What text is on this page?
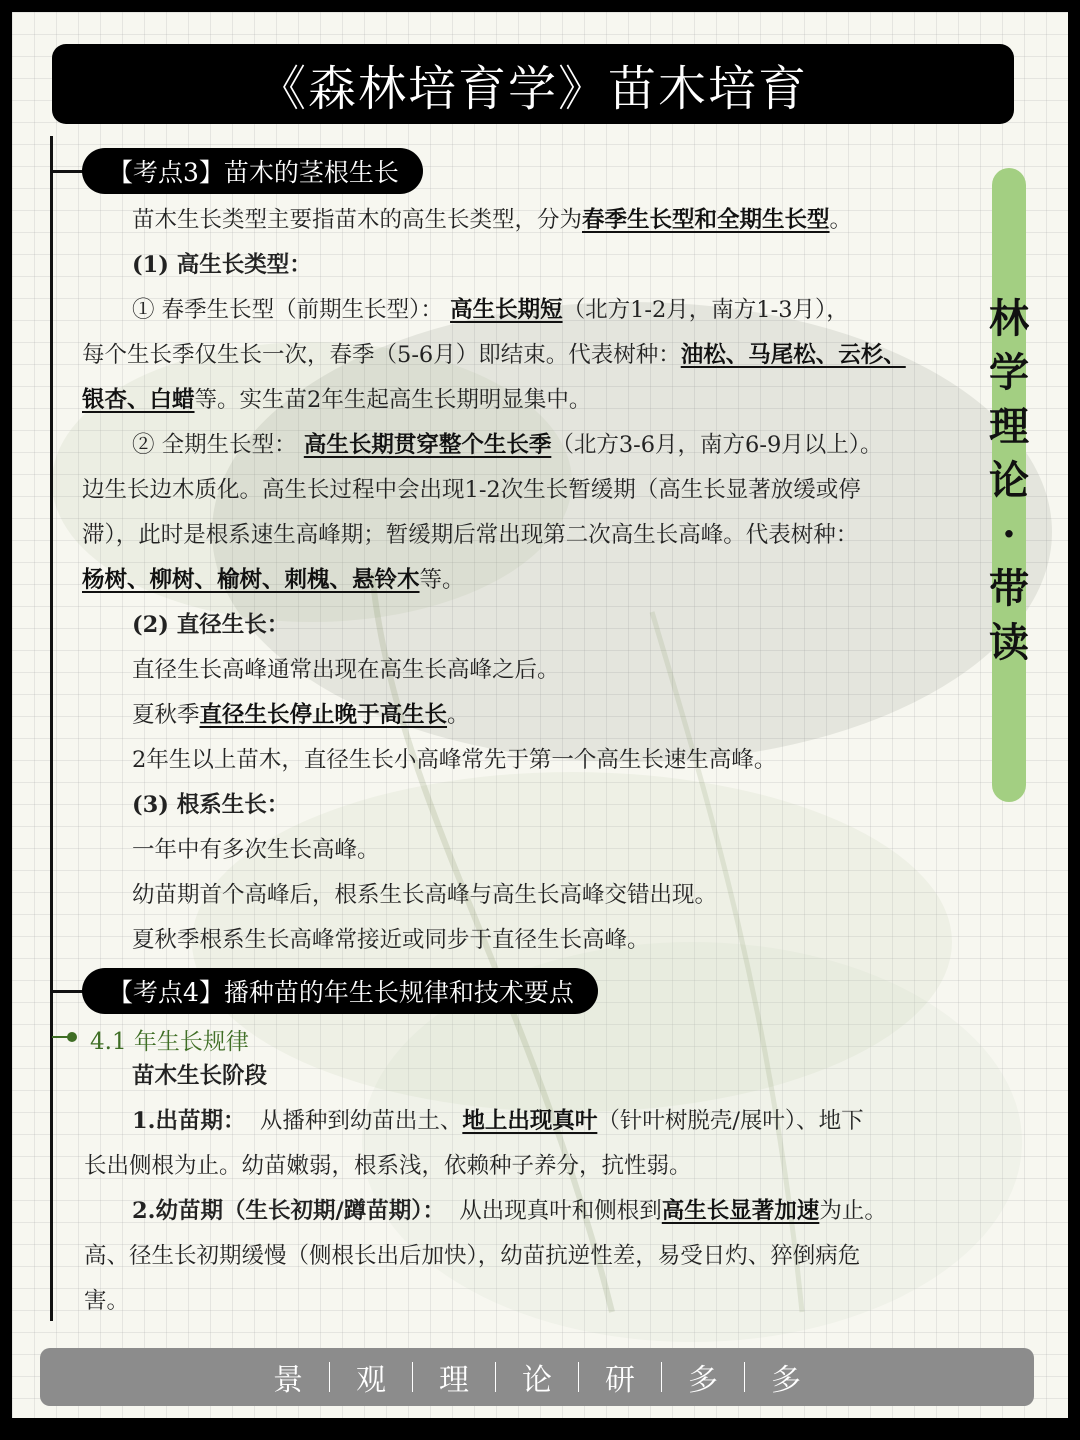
《森林培育学》苗木培育
【考点3】苗木的茎根生长
【考点4】播种苗的年生长规律和技术要点
林
学
理
论
·
带
读

苗木生长类型主要指苗木的高生长类型，分为春季生长型和全期生长型。

(1) 高生长类型：

① 春季生长型（前期生长型）： 高生长期短（北方1-2月，南方1-3月），

每个生长季仅生长一次，春季（5-6月）即结束。代表树种：油松、马尾松、云杉、

银杏、白蜡等。实生苗2年生起高生长期明显集中。

② 全期生长型： 高生长期贯穿整个生长季（北方3-6月，南方6-9月以上）。

边生长边木质化。高生长过程中会出现1-2次生长暂缓期（高生长显著放缓或停

滞），此时是根系速生高峰期；暂缓期后常出现第二次高生长高峰。代表树种：

杨树、柳树、榆树、刺槐、悬铃木等。

(2) 直径生长：

直径生长高峰通常出现在高生长高峰之后。

夏秋季直径生长停止晚于高生长。

2年生以上苗木，直径生长小高峰常先于第一个高生长速生高峰。

(3) 根系生长：

一年中有多次生长高峰。

幼苗期首个高峰后，根系生长高峰与高生长高峰交错出现。

夏秋季根系生长高峰常接近或同步于直径生长高峰。

4.1 年生长规律

苗木生长阶段

1.出苗期： 从播种到幼苗出土、地上出现真叶（针叶树脱壳/展叶）、地下

长出侧根为止。幼苗嫩弱，根系浅，依赖种子养分，抗性弱。

2.幼苗期（生长初期/蹲苗期）： 从出现真叶和侧根到高生长显著加速为止。

高、径生长初期缓慢（侧根长出后加快），幼苗抗逆性差，易受日灼、猝倒病危

害。

景	观	理	论	研	多	多
